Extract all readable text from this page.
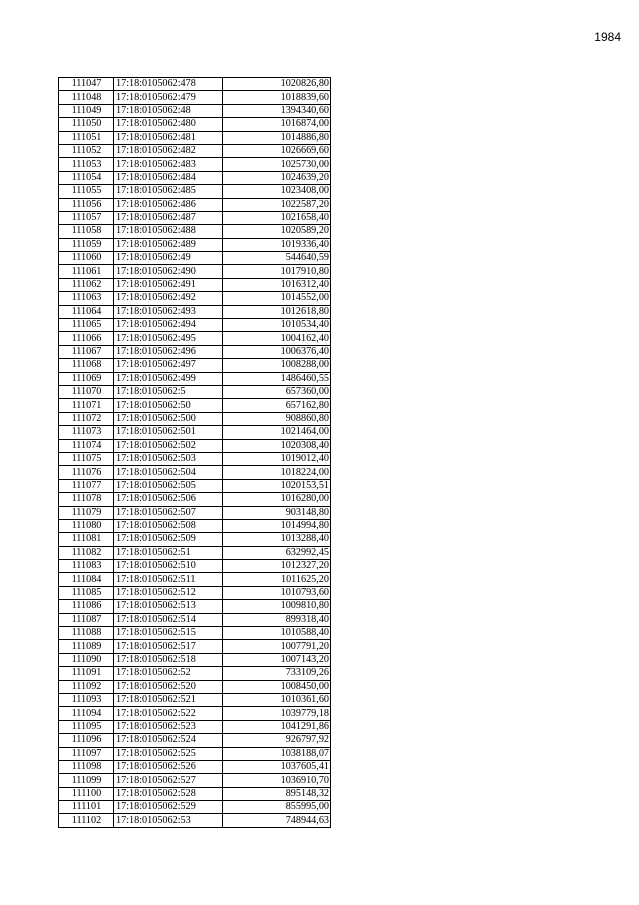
1984
111047	17:18:0105062:478	1020826,80
111048	17:18:0105062:479	1018839,60
111049	17:18:0105062:48	1394340,60
111050	17:18:0105062:480	1016874,00
111051	17:18:0105062:481	1014886,80
111052	17:18:0105062:482	1026669,60
111053	17:18:0105062:483	1025730,00
111054	17:18:0105062:484	1024639,20
111055	17:18:0105062:485	1023408,00
111056	17:18:0105062:486	1022587,20
111057	17:18:0105062:487	1021658,40
111058	17:18:0105062:488	1020589,20
111059	17:18:0105062:489	1019336,40
111060	17:18:0105062:49	544640,59
111061	17:18:0105062:490	1017910,80
111062	17:18:0105062:491	1016312,40
111063	17:18:0105062:492	1014552,00
111064	17:18:0105062:493	1012618,80
111065	17:18:0105062:494	1010534,40
111066	17:18:0105062:495	1004162,40
111067	17:18:0105062:496	1006376,40
111068	17:18:0105062:497	1008288,00
111069	17:18:0105062:499	1486460,55
111070	17:18:0105062:5	657360,00
111071	17:18:0105062:50	657162,80
111072	17:18:0105062:500	908860,80
111073	17:18:0105062:501	1021464,00
111074	17:18:0105062:502	1020308,40
111075	17:18:0105062:503	1019012,40
111076	17:18:0105062:504	1018224,00
111077	17:18:0105062:505	1020153,51
111078	17:18:0105062:506	1016280,00
111079	17:18:0105062:507	903148,80
111080	17:18:0105062:508	1014994,80
111081	17:18:0105062:509	1013288,40
111082	17:18:0105062:51	632992,45
111083	17:18:0105062:510	1012327,20
111084	17:18:0105062:511	1011625,20
111085	17:18:0105062:512	1010793,60
111086	17:18:0105062:513	1009810,80
111087	17:18:0105062:514	899318,40
111088	17:18:0105062:515	1010588,40
111089	17:18:0105062:517	1007791,20
111090	17:18:0105062:518	1007143,20
111091	17:18:0105062:52	733109,26
111092	17:18:0105062:520	1008450,00
111093	17:18:0105062:521	1010361,60
111094	17:18:0105062:522	1039779,18
111095	17:18:0105062:523	1041291,86
111096	17:18:0105062:524	926797,92
111097	17:18:0105062:525	1038188,07
111098	17:18:0105062:526	1037605,41
111099	17:18:0105062:527	1036910,70
111100	17:18:0105062:528	895148,32
111101	17:18:0105062:529	855995,00
111102	17:18:0105062:53	748944,63
